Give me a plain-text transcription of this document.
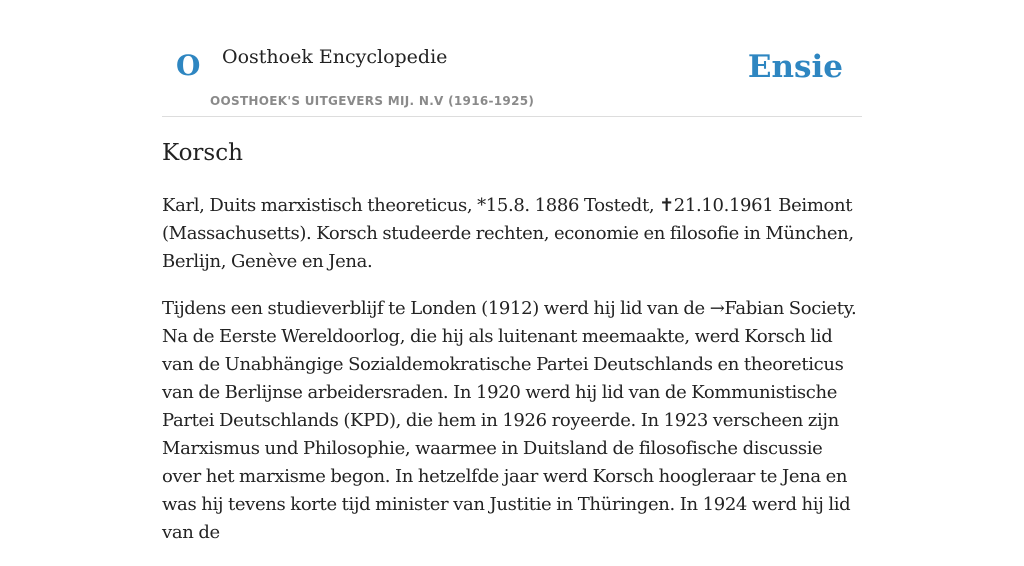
O Oosthoek Encyclopedie
OOSTHOEK'S UITGEVERS MIJ. N.V (1916-1925)
Ensie
Korsch

Karl, Duits marxistisch theoreticus, *15.8. 1886 Tostedt, ✝21.10.1961 Beimont (Massachusetts). Korsch studeerde rechten, economie en filosofie in München, Berlijn, Genève en Jena.

Tijdens een studieverblijf te Londen (1912) werd hij lid van de →Fabian Society. Na de Eerste Wereldoorlog, die hij als luitenant meemaakte, werd Korsch lid van de Unabhängige Sozialdemokratische Partei Deutschlands en theoreticus van de Berlijnse arbeidersraden. In 1920 werd hij lid van de Kommunistische Partei Deutschlands (KPD), die hem in 1926 royeerde. In 1923 verscheen zijn Marxismus und Philosophie, waarmee in Duitsland de filosofische discussie over het marxisme begon. In hetzelfde jaar werd Korsch hoogleraar te Jena en was hij tevens korte tijd minister van Justitie in Thüringen. In 1924 werd hij lid van de
